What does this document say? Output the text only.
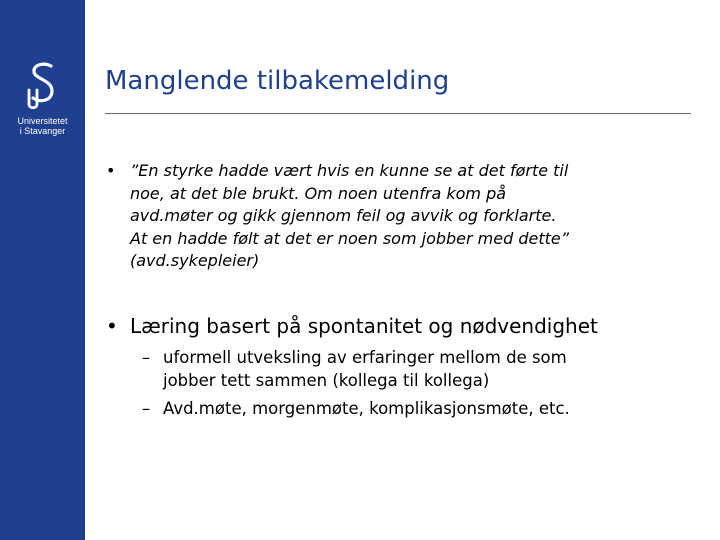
Universitetet
i Stavanger
Manglende tilbakemelding
• ”En styrke hadde vært hvis en kunne se at det førte til
noe, at det ble brukt. Om noen utenfra kom på
avd.møter og gikk gjennom feil og avvik og forklarte.
At en hadde følt at det er noen som jobber med dette”
(avd.sykepleier)
• Læring basert på spontanitet og nødvendighet
– uformell utveksling av erfaringer mellom de som
jobber tett sammen (kollega til kollega)
– Avd.møte, morgenmøte, komplikasjonsmøte, etc.
